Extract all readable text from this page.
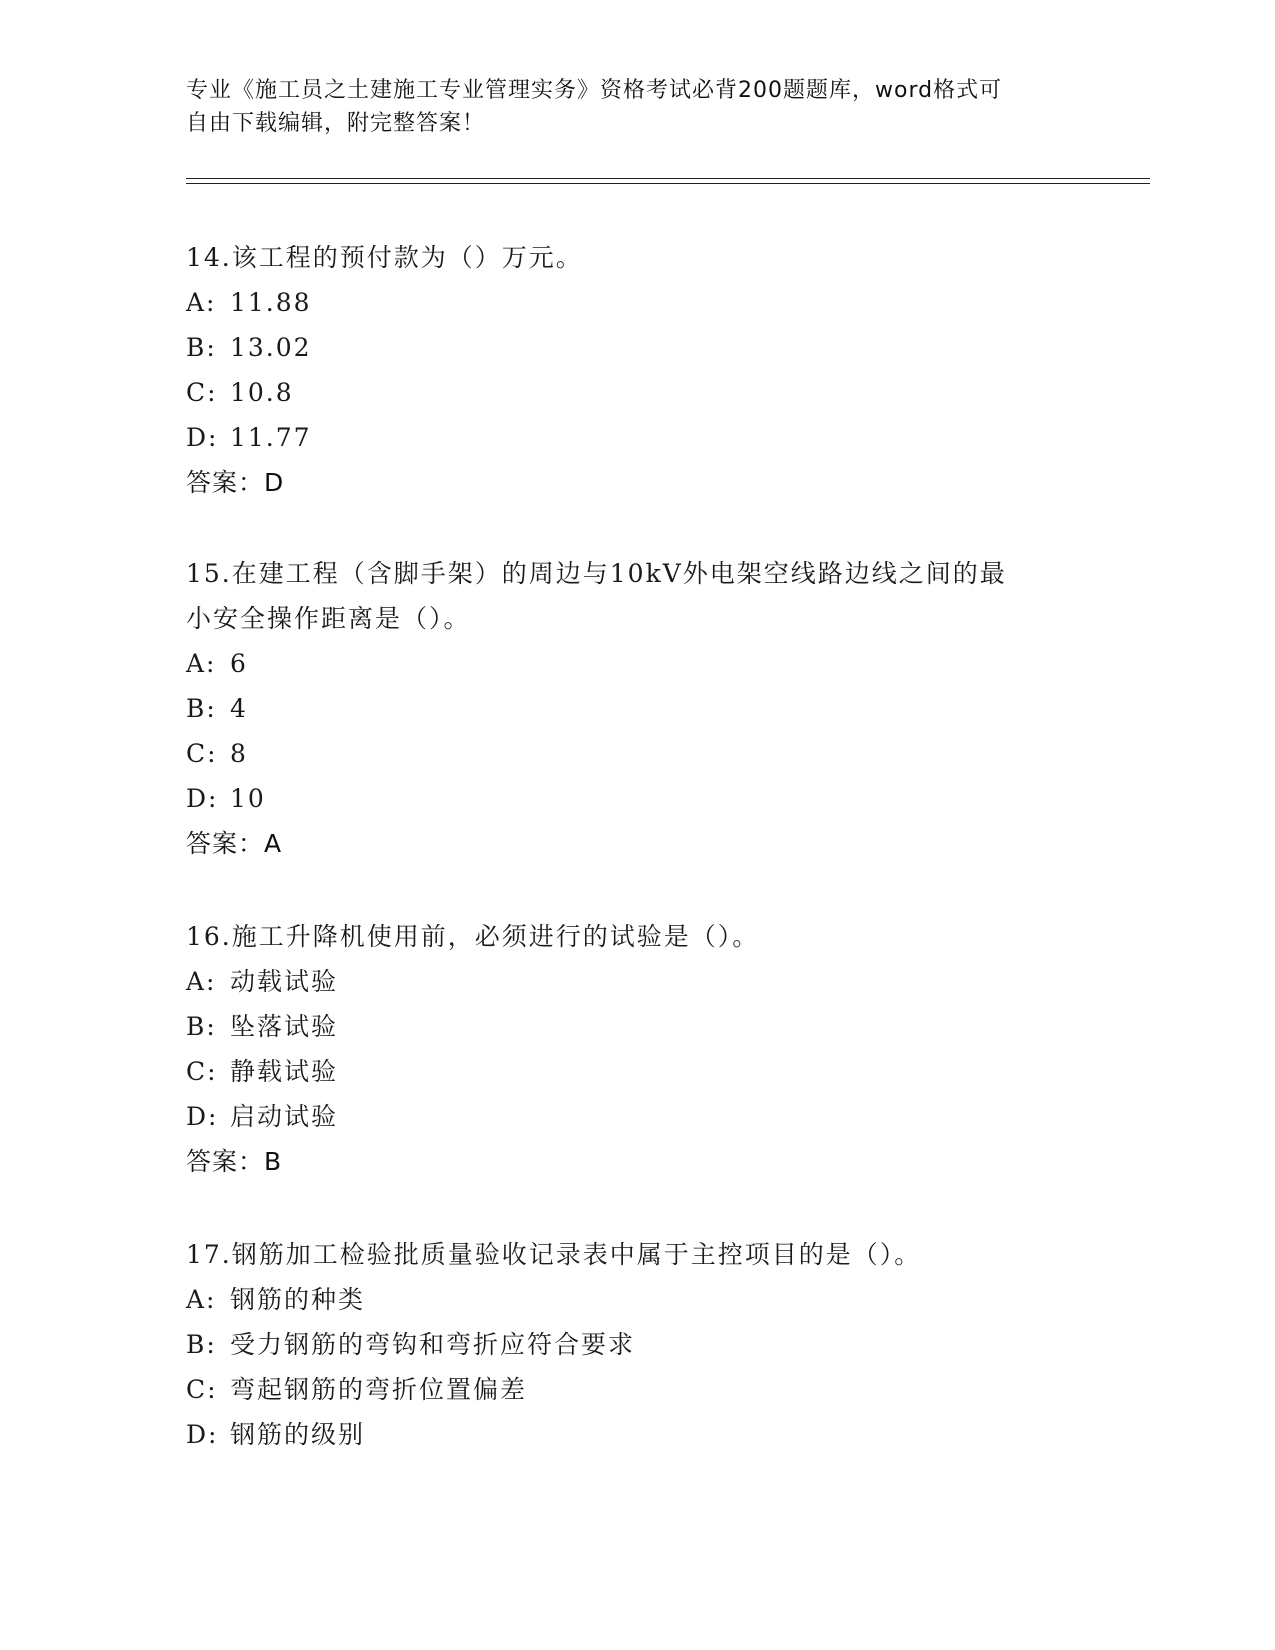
专业《施工员之土建施工专业管理实务》资格考试必背200题题库，word格式可
自由下载编辑，附完整答案！
14.该工程的预付款为（）万元。
A: 11.88
B: 13.02
C: 10.8
D: 11.77
答案：D
15.在建工程（含脚手架）的周边与10kV外电架空线路边线之间的最
小安全操作距离是（）。
A: 6
B: 4
C: 8
D: 10
答案：A
16.施工升降机使用前，必须进行的试验是（）。
A: 动载试验
B: 坠落试验
C: 静载试验
D: 启动试验
答案：B
17.钢筋加工检验批质量验收记录表中属于主控项目的是（）。
A: 钢筋的种类
B: 受力钢筋的弯钩和弯折应符合要求
C: 弯起钢筋的弯折位置偏差
D: 钢筋的级别
